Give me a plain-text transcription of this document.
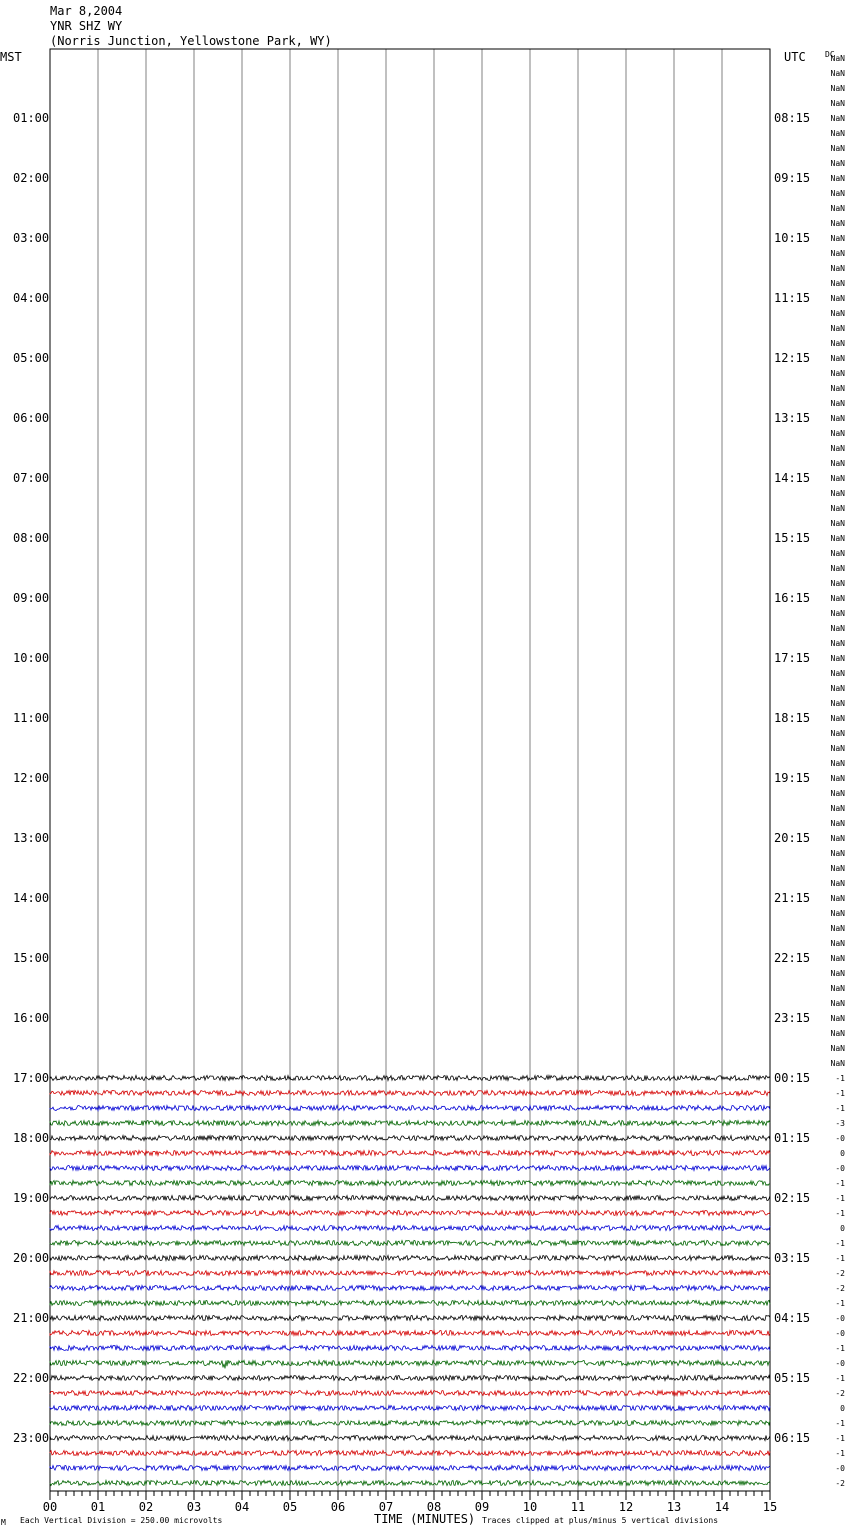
Mar 8,2004
YNR SHZ WY
(Norris Junction, Yellowstone Park, WY)
MST	UTC DC
01:00
02:00
03:00
04:00
05:00
06:00
07:00
08:00
09:00
10:00
11:00
12:00
13:00
14:00
15:00
16:00
17:00
18:00
19:00
20:00
21:00
22:00
23:00
08:15
09:15
10:15
11:15
12:15
13:15
14:15
15:15
16:15
17:15
18:15
19:15
20:15
21:15
22:15
23:15
00:15
01:15
02:15
03:15
04:15
05:15
06:15
NaN
NaN
NaN
NaN
NaN
NaN
NaN
NaN
NaN
NaN
NaN
NaN
NaN
NaN
NaN
NaN
NaN
NaN
NaN
NaN
NaN
NaN
NaN
NaN
NaN
NaN
NaN
NaN
NaN
NaN
NaN
NaN
NaN
NaN
NaN
NaN
NaN
NaN
NaN
NaN
NaN
NaN
NaN
NaN
NaN
NaN
NaN
NaN
NaN
NaN
NaN
NaN
NaN
NaN
NaN
NaN
NaN
NaN
NaN
NaN
NaN
NaN
NaN
NaN
NaN
NaN
NaN
NaN
-1
-1
-1
-3
-0
0
-0
-1
-1
-1
0
-1
-1
-2
-2
-1
-0
-0
-1
-0
-1
-2
0
-1
-1
-1
-0
-2
00	01	02	03	04	05	06	07	08	09	10	11	12	13	14	15
M Each Vertical Division = 250.00 microvolts	TIME (MINUTES) Traces clipped at plus/minus 5 vertical divisions
